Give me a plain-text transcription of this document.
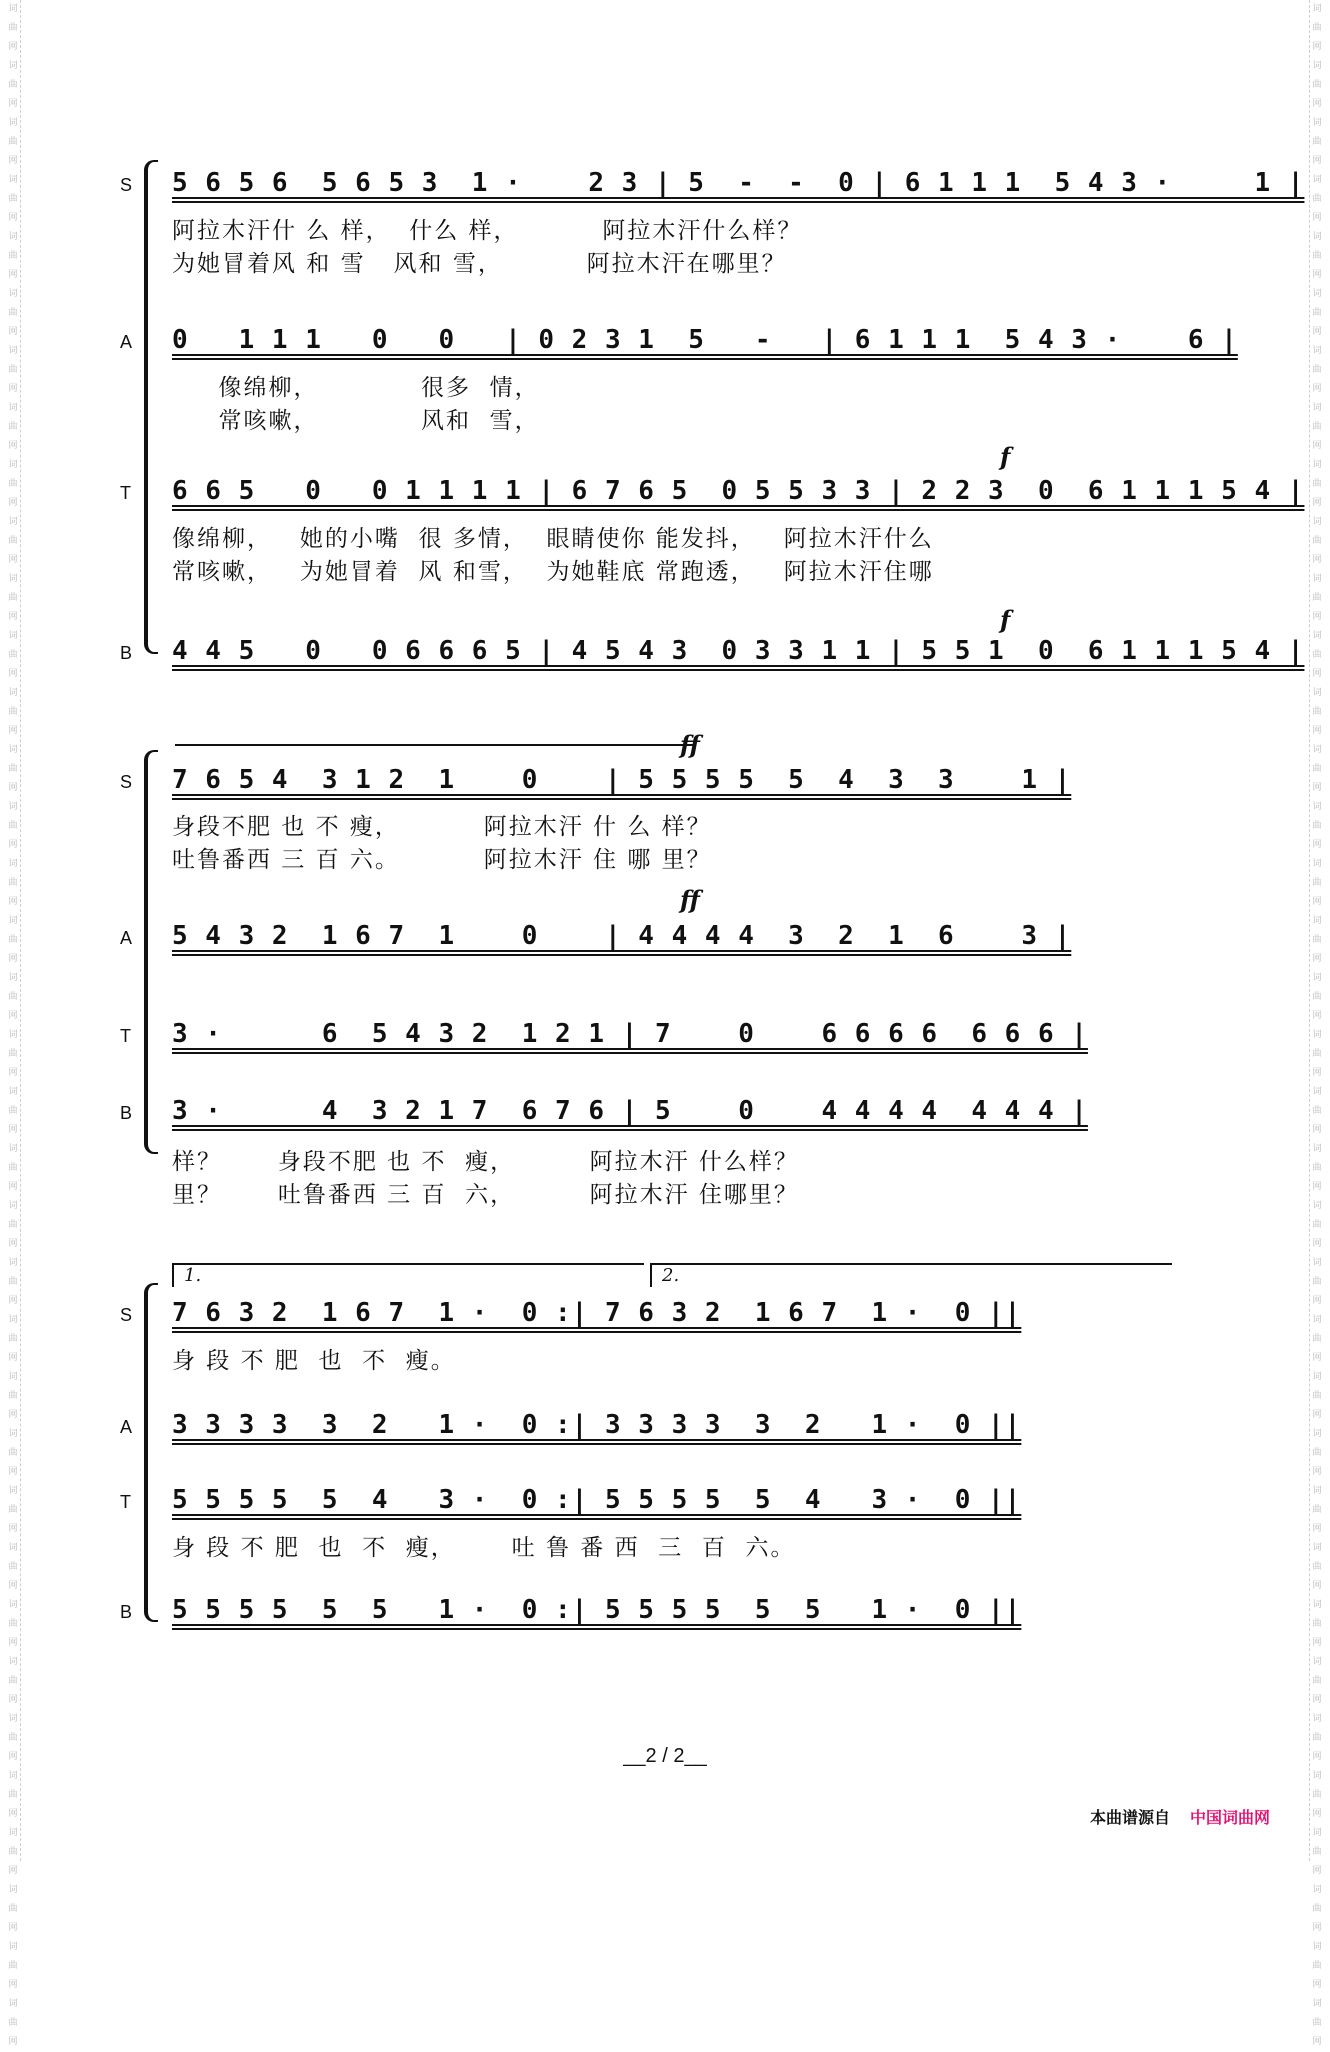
词曲网
词曲网
词曲网
词曲网
词曲网
词曲网
词曲网
词曲网
词曲网
词曲网
词曲网
词曲网
词曲网
词曲网
词曲网
词曲网
词曲网
词曲网
词曲网
词曲网
词曲网
词曲网
词曲网
词曲网
词曲网
词曲网
词曲网
词曲网
词曲网
词曲网
词曲网
词曲网
词曲网
词曲网
词曲网
词曲网
词曲网
词曲网
词曲网
词曲网
词曲网
词曲网
词曲网
词曲网
词曲网
词曲网
词曲网
词曲网
词曲网
词曲网
词曲网
词曲网
词曲网
词曲网
词曲网
词曲网
词曲网
词曲网
词曲网
词曲网
词曲网
词曲网
词曲网
词曲网
词曲网
词曲网
词曲网
词曲网
词曲网
词曲网
词曲网
词曲网
S 5 6 5 6  5 6 5 3  1 ·    2 3 | 5  -  -  0 | 6 1 1 1  5 4 3 ·     1 |
阿拉木汗什 么 样，  什么 样，         阿拉木汗什么样？
为她冒着风 和 雪   风和 雪，         阿拉木汗在哪里？
A 0   1 1 1   0   0   | 0 2 3 1  5   -   | 6 1 1 1  5 4 3 ·    6 |
像绵柳，           很多  情，
常咳嗽，           风和  雪，
f
T 6 6 5   0   0 1 1 1 1 | 6 7 6 5  0 5 5 3 3 | 2 2 3  0  6 1 1 1 5 4 |
像绵柳，   她的小嘴  很 多情，  眼睛使你 能发抖，   阿拉木汗什么
常咳嗽，   为她冒着  风 和雪，  为她鞋底 常跑透，   阿拉木汗住哪
f
B 4 4 5   0   0 6 6 6 5 | 4 5 4 3  0 3 3 1 1 | 5 5 1  0  6 1 1 1 5 4 |
S
ff
7 6 5 4  3 1 2  1    0    | 5 5 5 5  5  4  3  3    1 |
身段不肥 也 不 瘦，         阿拉木汗 什 么 样？
吐鲁番西 三 百 六。         阿拉木汗 住 哪 里？
ff
A 5 4 3 2  1 6 7  1    0    | 4 4 4 4  3  2  1  6    3 |
T 3 ·      6  5 4 3 2  1 2 1 | 7    0    6 6 6 6  6 6 6 |
B 3 ·      4  3 2 1 7  6 7 6 | 5    0    4 4 4 4  4 4 4 |
样？      身段不肥 也 不  瘦，        阿拉木汗 什么样？
里？      吐鲁番西 三 百  六，        阿拉木汗 住哪里？
1.	2.
S 7 6 3 2  1 6 7  1 ·  0 :| 7 6 3 2  1 6 7  1 ·  0 ||
身 段 不 肥  也  不  瘦。
A 3 3 3 3  3  2   1 ·  0 :| 3 3 3 3  3  2   1 ·  0 ||
T 5 5 5 5  5  4   3 ·  0 :| 5 5 5 5  5  4   3 ·  0 ||
身 段 不 肥  也  不  瘦，      吐 鲁 番 西  三  百  六。
B 5 5 5 5  5  5   1 ·  0 :| 5 5 5 5  5  5   1 ·  0 ||
__2 / 2__
本曲谱源自 中国词曲网
